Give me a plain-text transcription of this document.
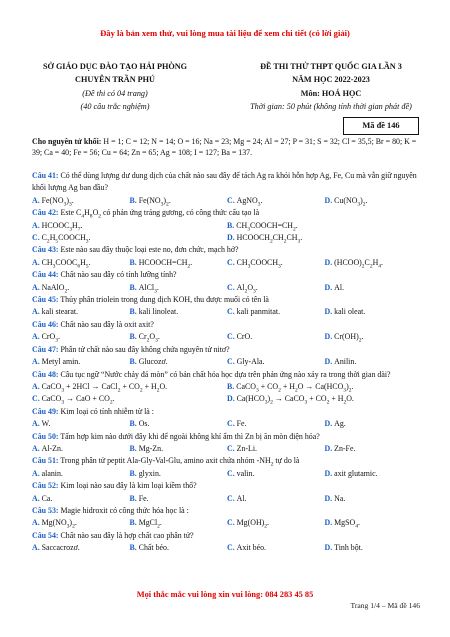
Đây là bản xem thử, vui lòng mua tài liệu để xem chi tiết (có lời giải)
SỞ GIÁO DỤC ĐÀO TẠO HẢI PHÒNG
CHUYÊN TRẦN PHÚ
(Đề thi có 04 trang)
(40 câu trắc nghiệm)
ĐỀ THI THỬ THPT QUỐC GIA LẦN 3
NĂM HỌC 2022-2023
Môn: HOÁ HỌC
Thời gian: 50 phút (không tính thời gian phát đề)
Mã đề 146
Cho nguyên tử khối: H = 1; C = 12; N = 14; O = 16; Na = 23; Mg = 24; Al = 27; P = 31; S = 32; Cl = 35,5; Br = 80; K = 39; Ca = 40; Fe = 56; Cu = 64; Zn = 65; Ag = 108; I = 127; Ba = 137.
Câu 41: Có thể dùng lượng dư dung dịch của chất nào sau đây để tách Ag ra khỏi hỗn hợp Ag, Fe, Cu mà vẫn giữ nguyên khối lượng Ag ban đầu?
A. $Fe(NO_3)_3$.	B. $Fe(NO_3)_2$.	C. AgNO$_3$.	D. $Cu(NO_3)_2$.
Câu 42: Este $C_4H_8O_2$ có phản ứng tráng gương, có công thức cấu tạo là
A. $HCOOC_3H_7$.	B. $CH_3COOCH=CH_2$.
C. $C_2H_5COOCH_3$.	D. $HCOOCH_2CH_2CH_3$.
Câu 43: Este nào sau đây thuộc loại este no, đơn chức, mạch hở?
A. $CH_3COOC_6H_5$.	B. $HCOOCH=CH_2$.	C. $CH_3COOCH_3$.	D. $(HCOO)_2C_2H_4$.
Câu 44: Chất nào sau đây có tính lưỡng tính?
A. NaAlO$_2$.	B. AlCl$_3$.	C. $Al_2O_3$.	D. Al.
Câu 45: Thủy phân triolein trong dung dịch KOH, thu được muối có tên là
A. kali stearat.	B. kali linoleat.	C. kali panmitat.	D. kali oleat.
Câu 46: Chất nào sau đây là oxit axit?
A. CrO$_3$.	B. $Cr_2O_3$.	C. CrO.	D. $Cr(OH)_2$.
Câu 47: Phân tử chất nào sau đây không chứa nguyên tử nitơ?
A. Metyl amin.	B. Glucozơ.	C. Gly-Ala.	D. Anilin.
Câu 48: Câu tục ngữ “Nước chảy đá mòn” có bản chất hóa học dựa trên phản ứng nào xảy ra trong thời gian dài?
A. CaCO$_3$ + 2HCl → CaCl$_2$ + $CO_2 + H_2O$.	B. CaCO$_3$ + $CO_2 + H_2O \to Ca(HCO_3)_2$.
C. CaCO$_3$ → CaO + $CO_2$.	D. $Ca(HCO_3)_2$ → CaCO$_3$ + $CO_2 + H_2O$.
Câu 49: Kim loại có tính nhiễm từ là :
A. W.	B. Os.	C. Fe.	D. Ag.
Câu 50: Tấm hợp kim nào dưới đây khi để ngoài không khí ẩm thì Zn bị ăn mòn điện hóa?
A. Al-Zn.	B. Mg-Zn.	C. Zn-Li.	D. Zn-Fe.
Câu 51: Trong phân tử peptit Ala-Gly-Val-Glu, amino axit chứa nhóm $-NH_2$ tự do là
A. alanin.	B. glyxin.	C. valin.	D. axit glutamic.
Câu 52: Kim loại nào sau đây là kim loại kiềm thổ?
A. Ca.	B. Fe.	C. Al.	D. Na.
Câu 53: Magie hidroxit có công thức hóa học là :
A. $Mg(NO_3)_2$.	B. MgCl$_2$.	C. $Mg(OH)_2$.	D. MgSO$_4$.
Câu 54: Chất nào sau đây là hợp chất cao phân tử?
A. Saccacrozơ.	B. Chất béo.	C. Axit béo.	D. Tinh bột.
Mọi thắc mắc vui lòng xin vui lòng: 084 283 45 85
Trang 1/4 – Mã đề 146
